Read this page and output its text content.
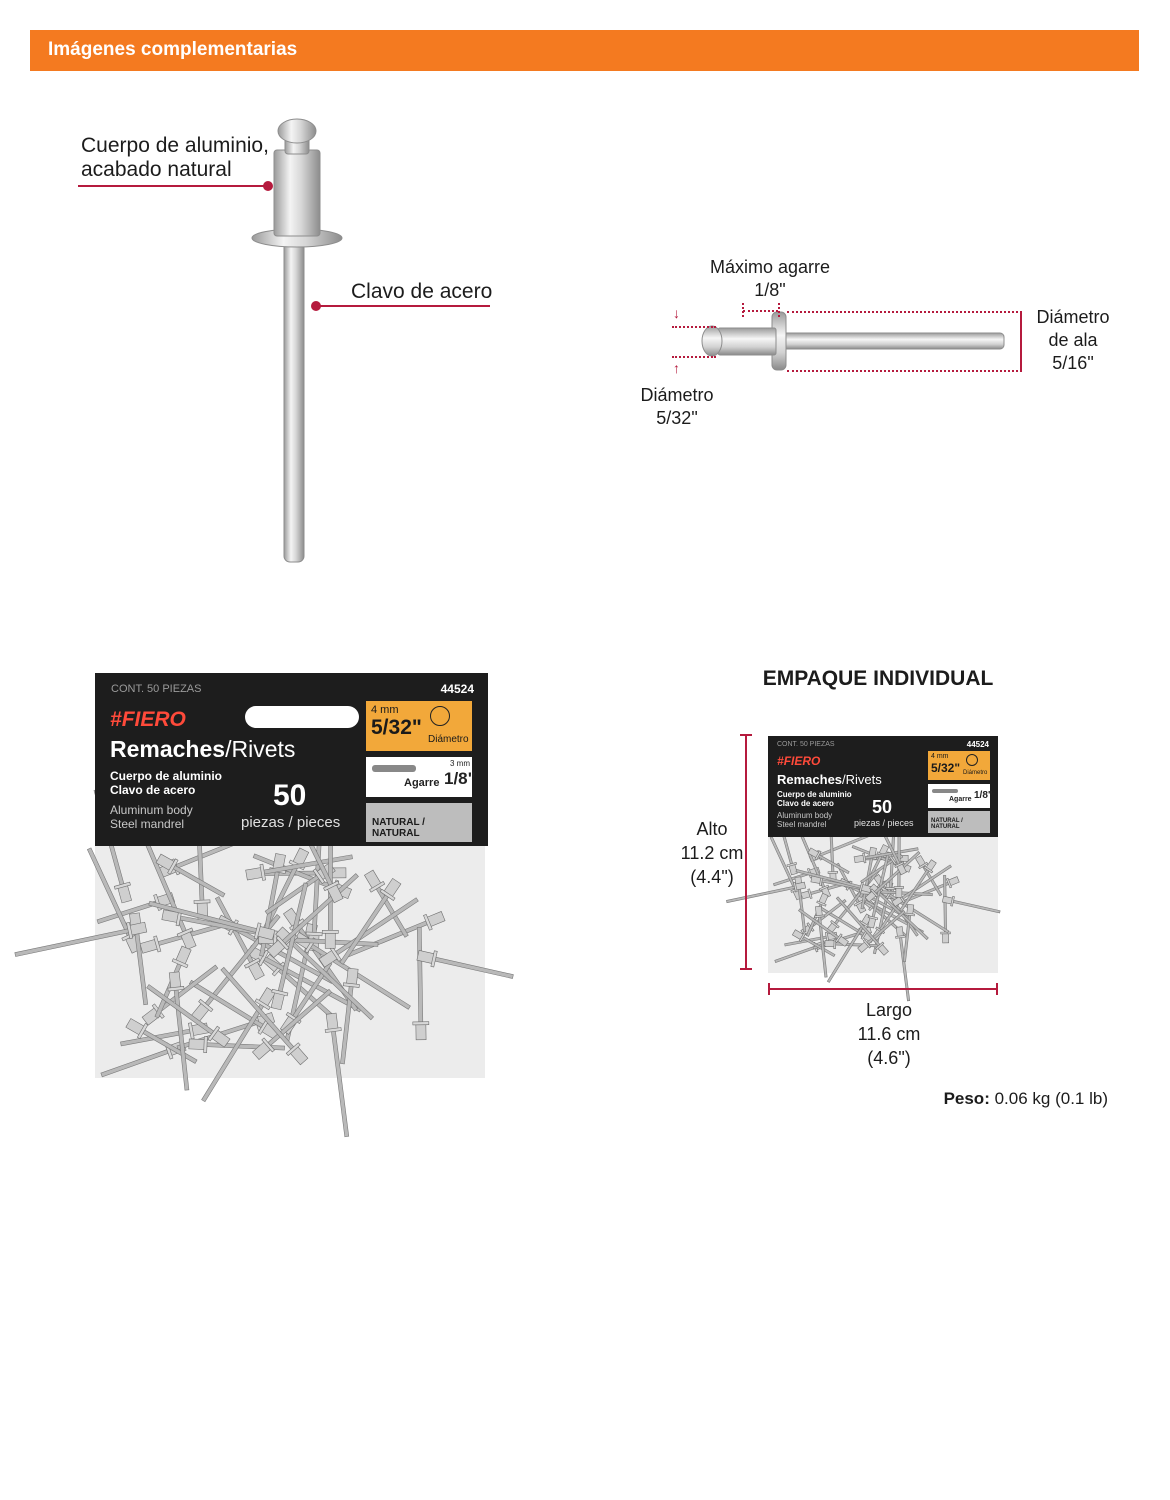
Imágenes complementarias
Cuerpo de aluminio,
acabado natural
Clavo de acero
Máximo agarre
1/8"
↓
↑
Diámetro
5/32"
Diámetro
de ala
5/16"
CONT. 50 PIEZAS	44524
#FIERO
Remaches/Rivets
Cuerpo de aluminio
Clavo de acero
Aluminum body
Steel mandrel
50
piezas / pieces
4 mm
5/32"
Diámetro
Agarre
3 mm
1/8"
NATURAL / NATURAL
EMPAQUE INDIVIDUAL
CONT. 50 PIEZAS	44524
#FIERO
Remaches/Rivets
Cuerpo de aluminio
Clavo de acero
Aluminum body
Steel mandrel
50
piezas / pieces
4 mm
5/32" Diámetro
Agarre 1/8"
NATURAL / NATURAL
Alto
11.2 cm
(4.4")
Largo
11.6 cm
(4.6")
Peso: 0.06 kg (0.1 lb)
